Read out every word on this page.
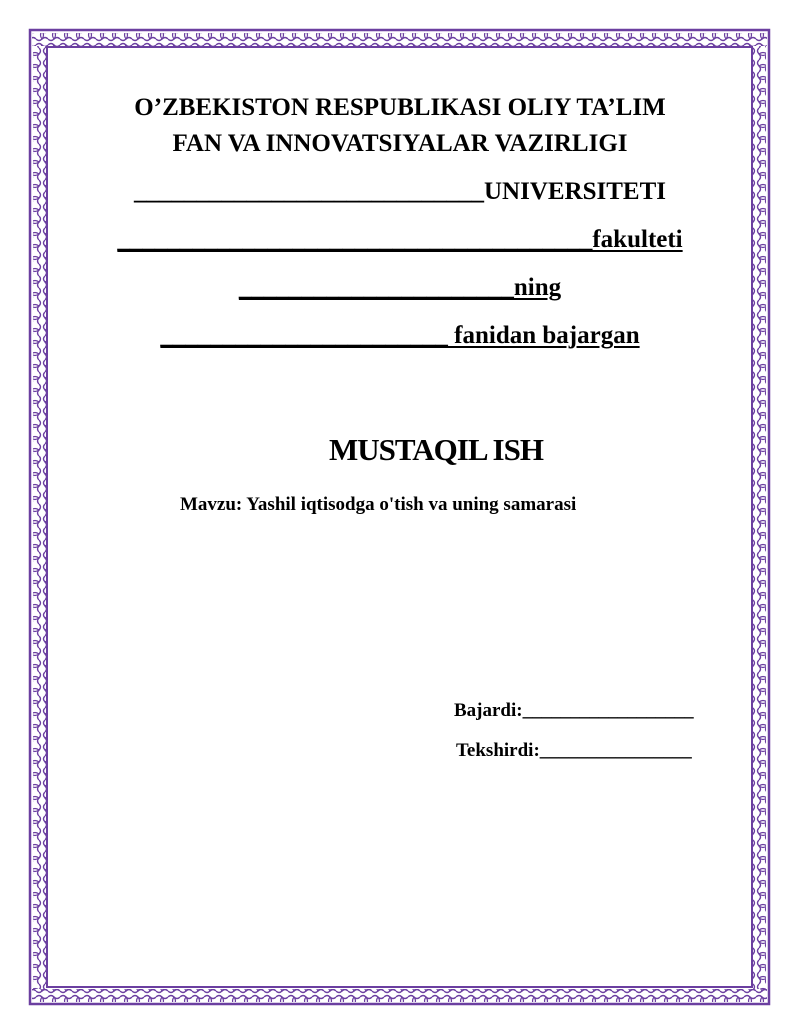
O’ZBEKISTON RESPUBLIKASI OLIY TA’LIM
FAN VA INNOVATSIYALAR VAZIRLIGI
____________________________UNIVERSITETI
______________________________________fakulteti
______________________ning
_______________________ fanidan bajargan
MUSTAQIL ISH
Mavzu: Yashil iqtisodga o'tish va uning samarasi
Bajardi:__________________
Tekshirdi:________________
